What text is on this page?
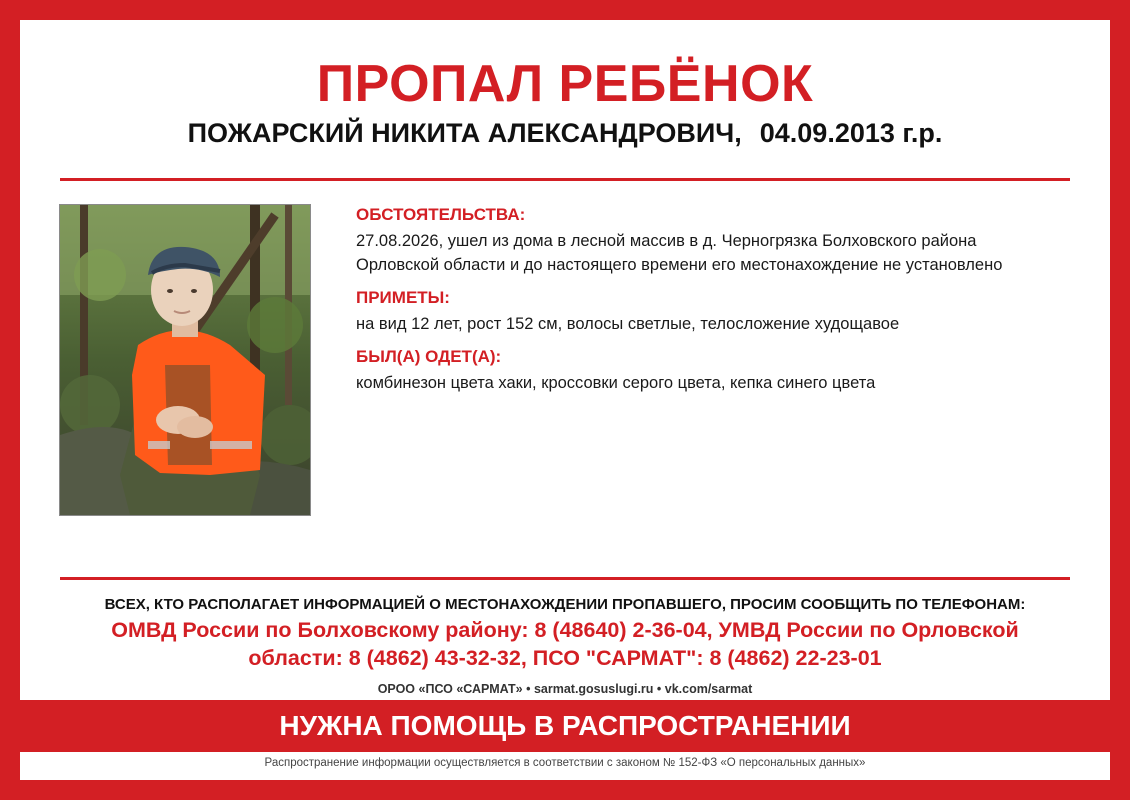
ПРОПАЛ РЕБЁНОК
ПОЖАРСКИЙ НИКИТА АЛЕКСАНДРОВИЧ, 04.09.2013 г.р.

ОБСТОЯТЕЛЬСТВА:

27.08.2026, ушел из дома в лесной массив в д. Черногрязка Болховского района

Орловской области и до настоящего времени его местонахождение не установлено

ПРИМЕТЫ:

на вид 12 лет, рост 152 см, волосы светлые, телосложение худощавое

БЫЛ(А) ОДЕТ(А):

комбинезон цвета хаки, кроссовки серого цвета, кепка синего цвета

ВСЕХ, КТО РАСПОЛАГАЕТ ИНФОРМАЦИЕЙ О МЕСТОНАХОЖДЕНИИ ПРОПАВШЕГО, ПРОСИМ СООБЩИТЬ ПО ТЕЛЕФОНАМ:
ОМВД России по Болховскому району: 8 (48640) 2-36-04, УМВД России по Орловской
области: 8 (4862) 43-32-32, ПСО "САРМАТ": 8 (4862) 22-23-01
ОРОО «ПСО «САРМАТ» • sarmat.gosuslugi.ru • vk.com/sarmat
НУЖНА ПОМОЩЬ В РАСПРОСТРАНЕНИИ
Распространение информации осуществляется в соответствии с законом № 152-ФЗ «О персональных данных»
